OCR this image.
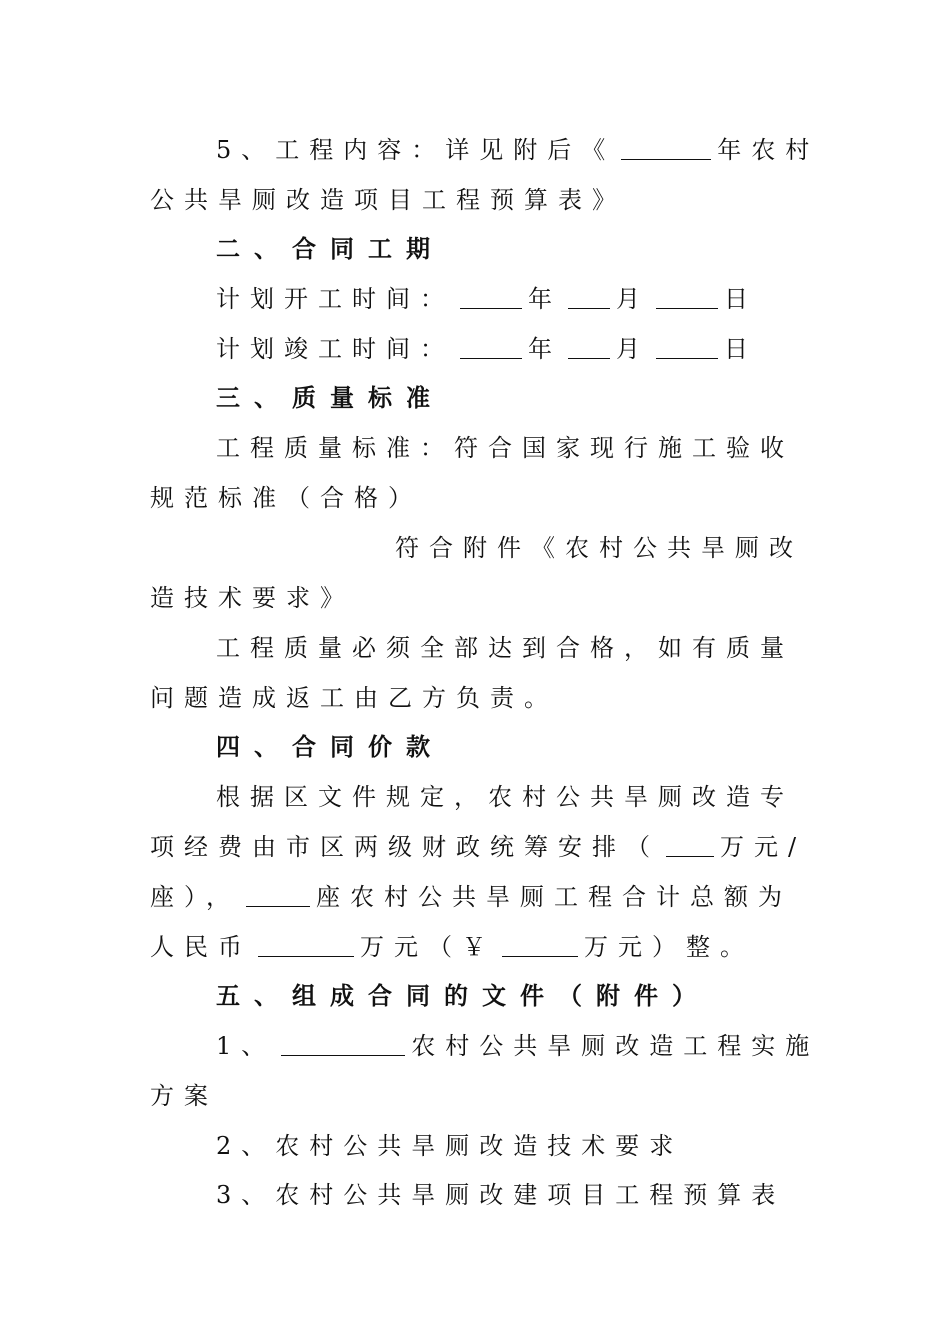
5、工程内容：详见附后《	年农村
公共旱厕改造项目工程预算表》
二、合同工期
计划开工时间：	年 月	日
计划竣工时间：	年 月	日
三、质量标准
工程质量标准：符合国家现行施工验收
规范标准（合格）
符合附件《农村公共旱厕改
造技术要求》
工程质量必须全部达到合格，如有质量
问题造成返工由乙方负责。
四、合同价款
根据区文件规定，农村公共旱厕改造专
项经费由市区两级财政统筹安排（	万元/
座），	座农村公共旱厕工程合计总额为
人民币	万元（￥	万元）整。
五、组成合同的文件（附件）
1、	农村公共旱厕改造工程实施
方案
2、农村公共旱厕改造技术要求
3、农村公共旱厕改建项目工程预算表
